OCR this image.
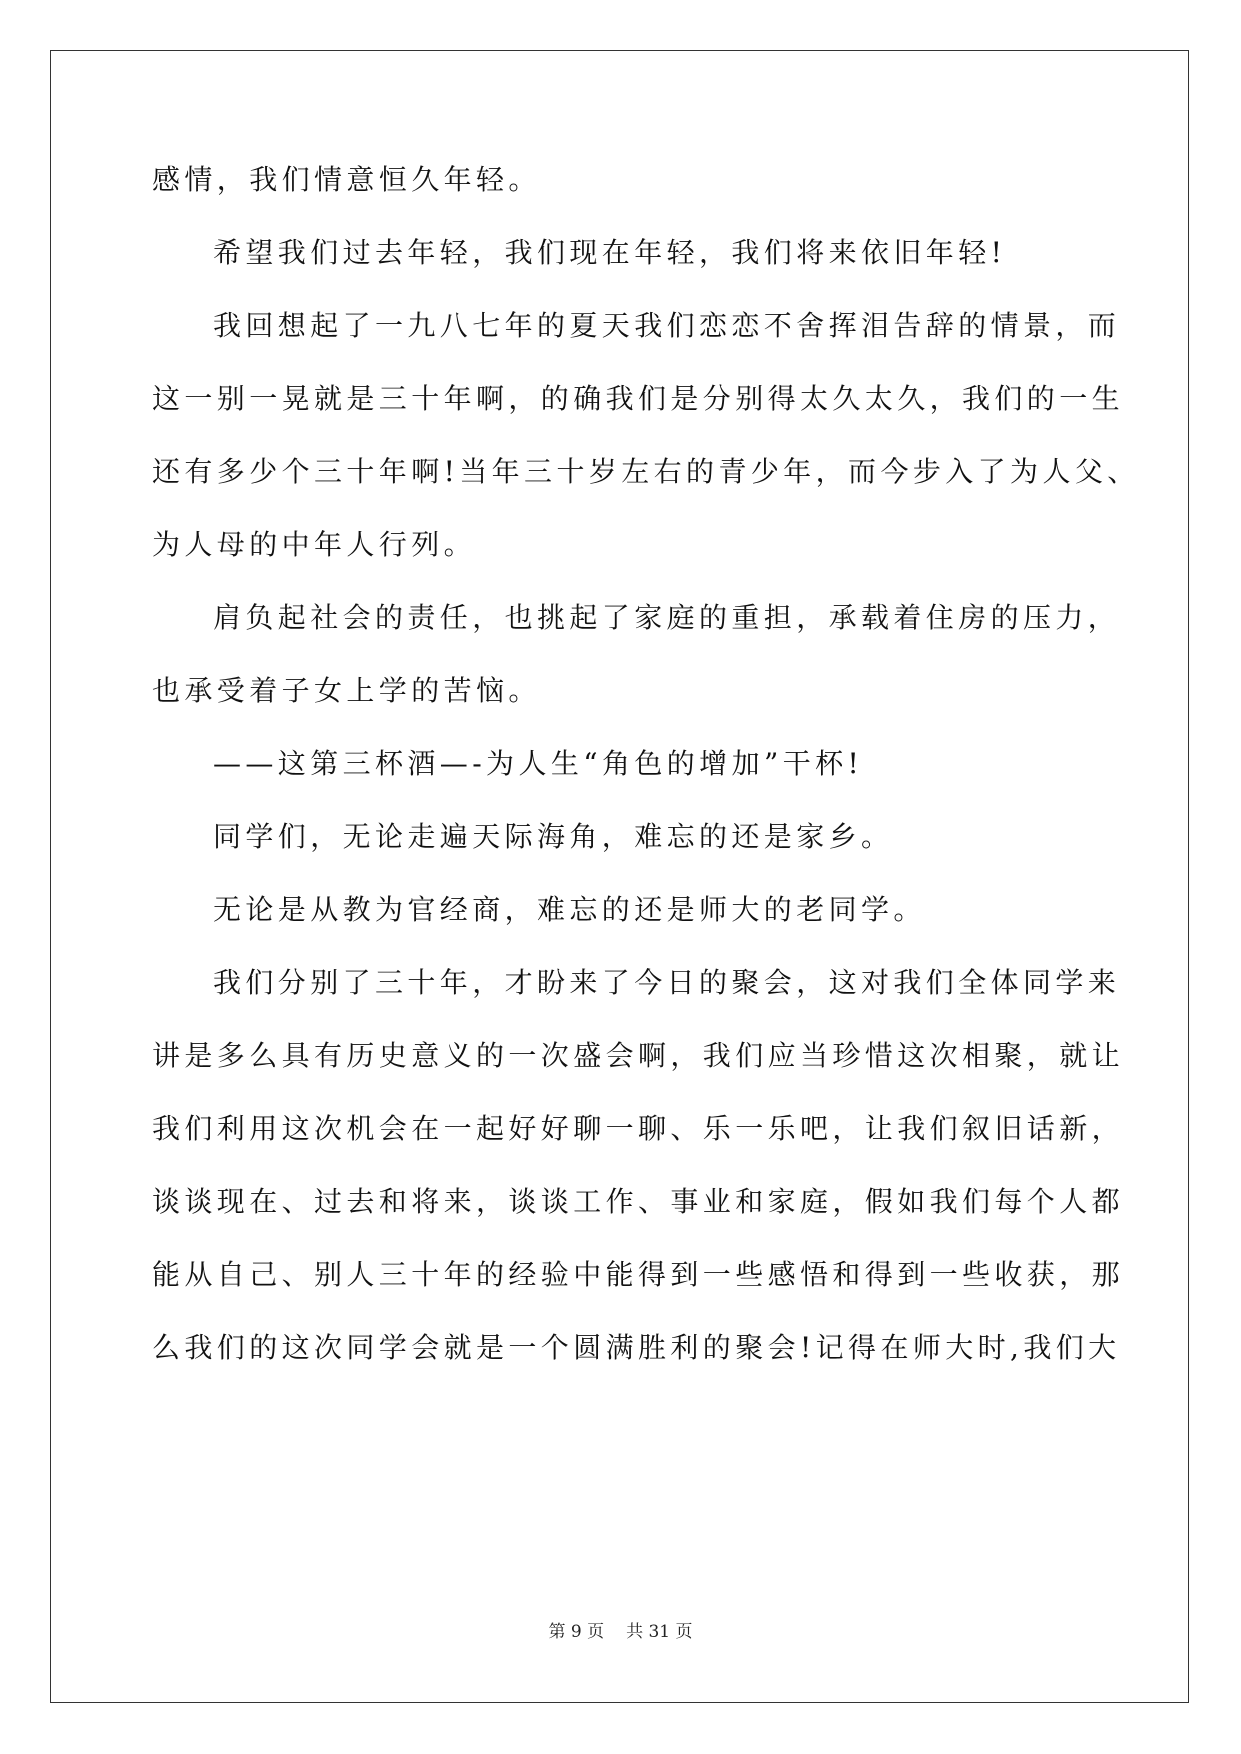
感情，我们情意恒久年轻。
希望我们过去年轻，我们现在年轻，我们将来依旧年轻!
我回想起了一九八七年的夏天我们恋恋不舍挥泪告辞的情景，而
这一别一晃就是三十年啊，的确我们是分别得太久太久，我们的一生
还有多少个三十年啊!当年三十岁左右的青少年，而今步入了为人父、
为人母的中年人行列。
肩负起社会的责任，也挑起了家庭的重担，承载着住房的压力，
也承受着子女上学的苦恼。
——这第三杯酒—-为人生“角色的增加”干杯!
同学们，无论走遍天际海角，难忘的还是家乡。
无论是从教为官经商，难忘的还是师大的老同学。
我们分别了三十年，才盼来了今日的聚会，这对我们全体同学来
讲是多么具有历史意义的一次盛会啊，我们应当珍惜这次相聚，就让
我们利用这次机会在一起好好聊一聊、乐一乐吧，让我们叙旧话新，
谈谈现在、过去和将来，谈谈工作、事业和家庭，假如我们每个人都
能从自己、别人三十年的经验中能得到一些感悟和得到一些收获，那
么我们的这次同学会就是一个圆满胜利的聚会!记得在师大时,我们大
第 9 页 共 31 页
